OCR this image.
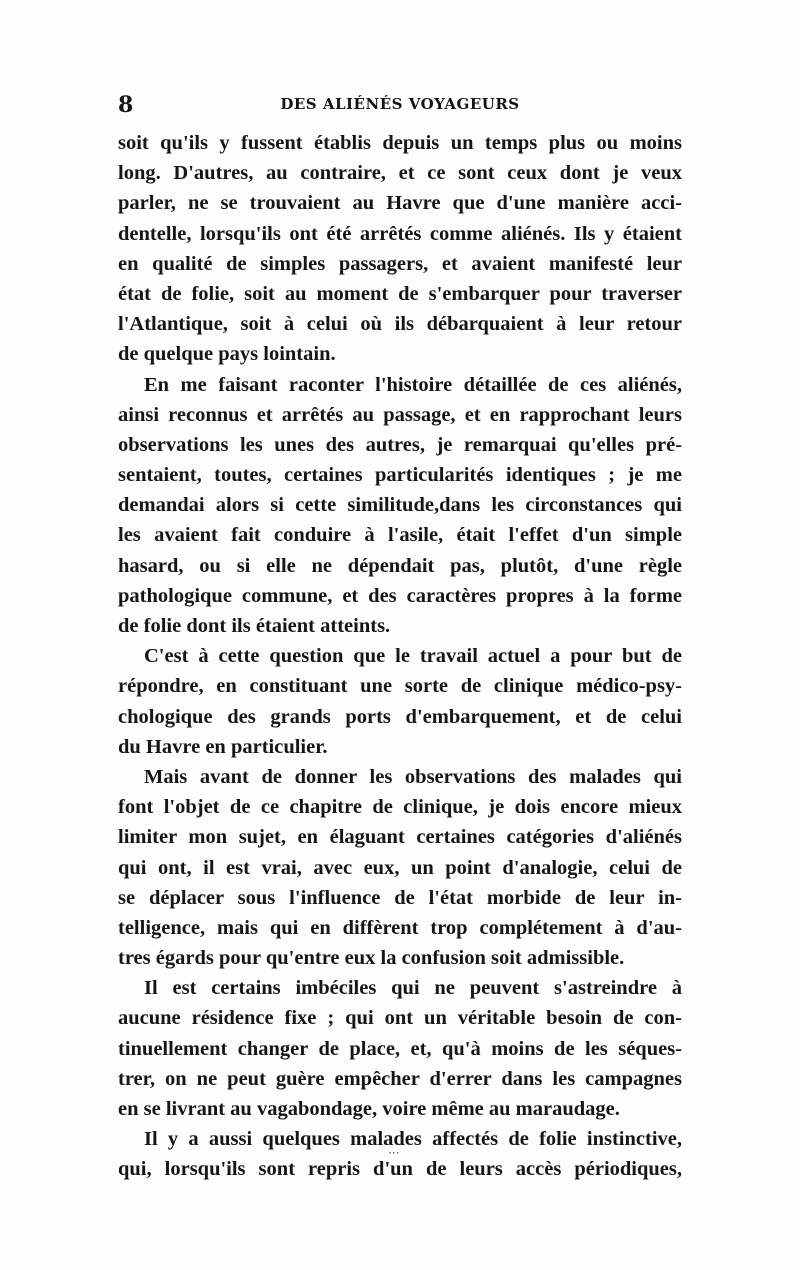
8	DES ALIÉNÉS VOYAGEURS
soit qu'ils y fussent établis depuis un temps plus ou moins
long. D'autres, au contraire, et ce sont ceux dont je veux
parler, ne se trouvaient au Havre que d'une manière acci-
dentelle, lorsqu'ils ont été arrêtés comme aliénés. Ils y étaient
en qualité de simples passagers, et avaient manifesté leur
état de folie, soit au moment de s'embarquer pour traverser
l'Atlantique, soit à celui où ils débarquaient à leur retour
de quelque pays lointain.
En me faisant raconter l'histoire détaillée de ces aliénés,
ainsi reconnus et arrêtés au passage, et en rapprochant leurs
observations les unes des autres, je remarquai qu'elles pré-
sentaient, toutes, certaines particularités identiques ; je me
demandai alors si cette similitude,dans les circonstances qui
les avaient fait conduire à l'asile, était l'effet d'un simple
hasard, ou si elle ne dépendait pas, plutôt, d'une règle
pathologique commune, et des caractères propres à la forme
de folie dont ils étaient atteints.
C'est à cette question que le travail actuel a pour but de
répondre, en constituant une sorte de clinique médico-psy-
chologique des grands ports d'embarquement, et de celui
du Havre en particulier.
Mais avant de donner les observations des malades qui
font l'objet de ce chapitre de clinique, je dois encore mieux
limiter mon sujet, en élaguant certaines catégories d'aliénés
qui ont, il est vrai, avec eux, un point d'analogie, celui de
se déplacer sous l'influence de l'état morbide de leur in-
telligence, mais qui en diffèrent trop complétement à d'au-
tres égards pour qu'entre eux la confusion soit admissible.
Il est certains imbéciles qui ne peuvent s'astreindre à
aucune résidence fixe ; qui ont un véritable besoin de con-
tinuellement changer de place, et, qu'à moins de les séques-
trer, on ne peut guère empêcher d'errer dans les campagnes
en se livrant au vagabondage, voire même au maraudage.
Il y a aussi quelques malades affectés de folie instinctive,
qui, lorsqu'ils sont repris d'un de leurs accès périodiques,
···
